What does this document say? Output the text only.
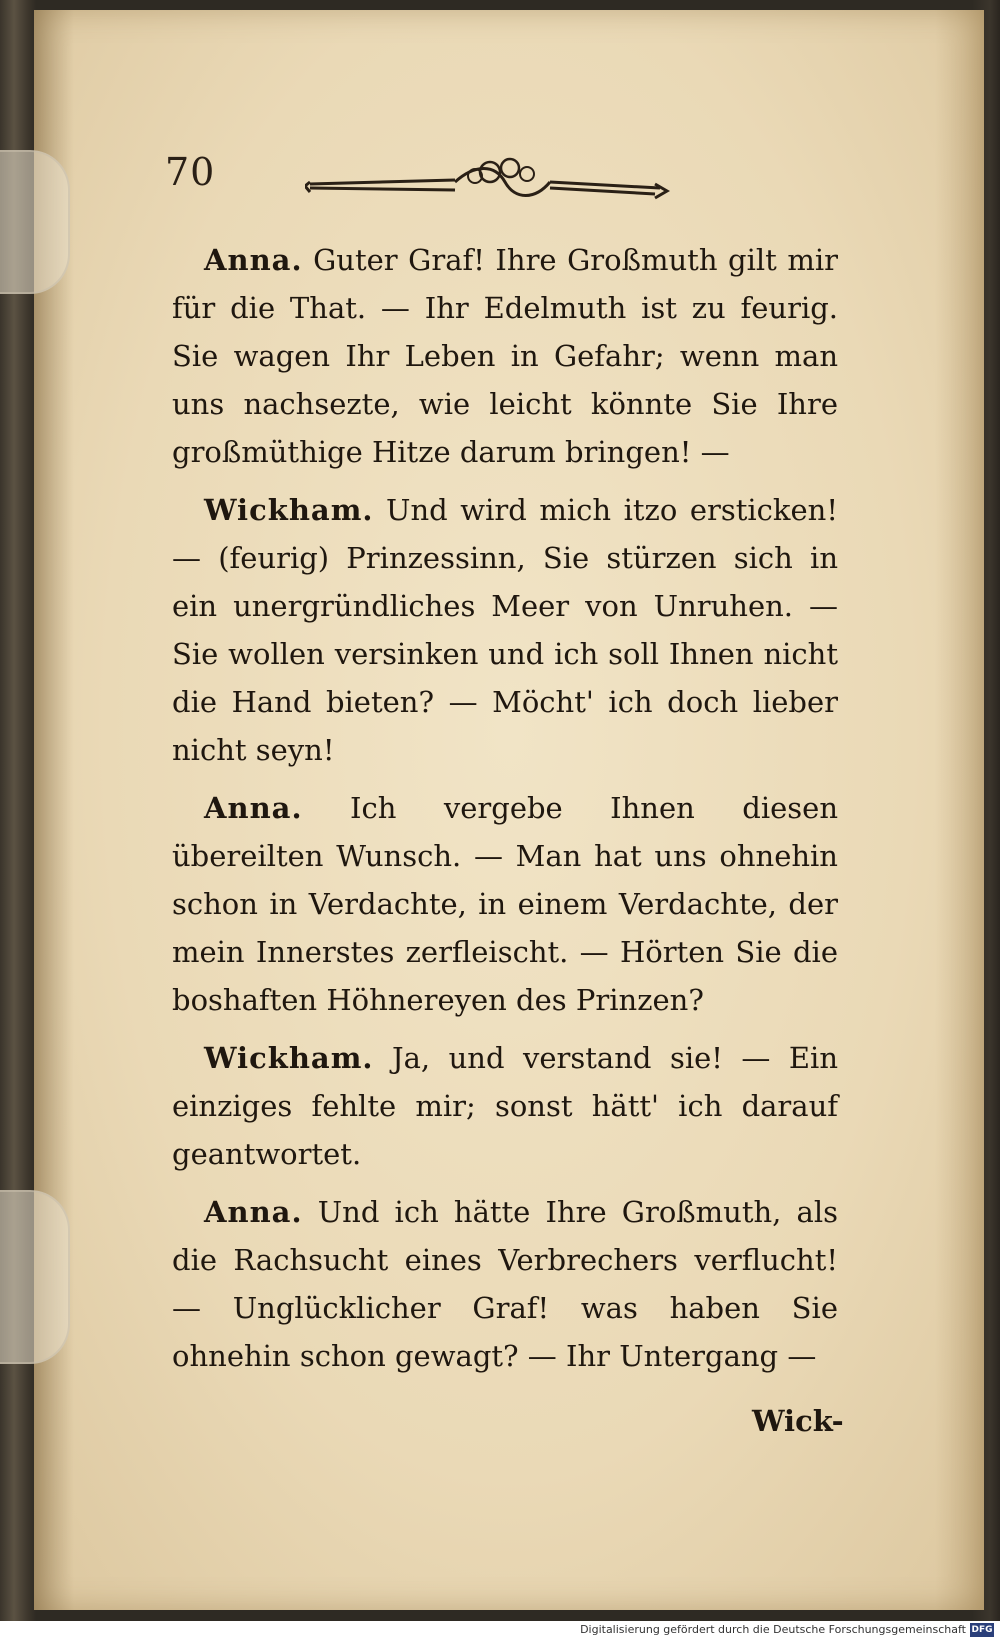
70

Anna. Guter Graf! Ihre Großmuth gilt mir für die That. — Ihr Edelmuth ist zu feurig. Sie wagen Ihr Leben in Gefahr; wenn man uns nachsezte, wie leicht könnte Sie Ihre großmüthige Hitze darum bringen! —

Wickham. Und wird mich itzo ersticken! — (feurig) Prinzessinn, Sie stürzen sich in ein unergründliches Meer von Unruhen. — Sie wollen versinken und ich soll Ihnen nicht die Hand bieten? — Möcht' ich doch lieber nicht seyn!

Anna. Ich vergebe Ihnen diesen übereilten Wunsch. — Man hat uns ohnehin schon in Verdachte, in einem Verdachte, der mein Innerstes zerfleischt. — Hörten Sie die boshaften Höhnereyen des Prinzen?

Wickham. Ja, und verstand sie! — Ein einziges fehlte mir; sonst hätt' ich darauf geantwortet.

Anna. Und ich hätte Ihre Großmuth, als die Rachsucht eines Verbrechers verflucht! — Unglücklicher Graf! was haben Sie ohnehin schon gewagt? — Ihr Untergang —

Wick-
Digitalisierung gefördert durch die Deutsche Forschungsgemeinschaft DFG
